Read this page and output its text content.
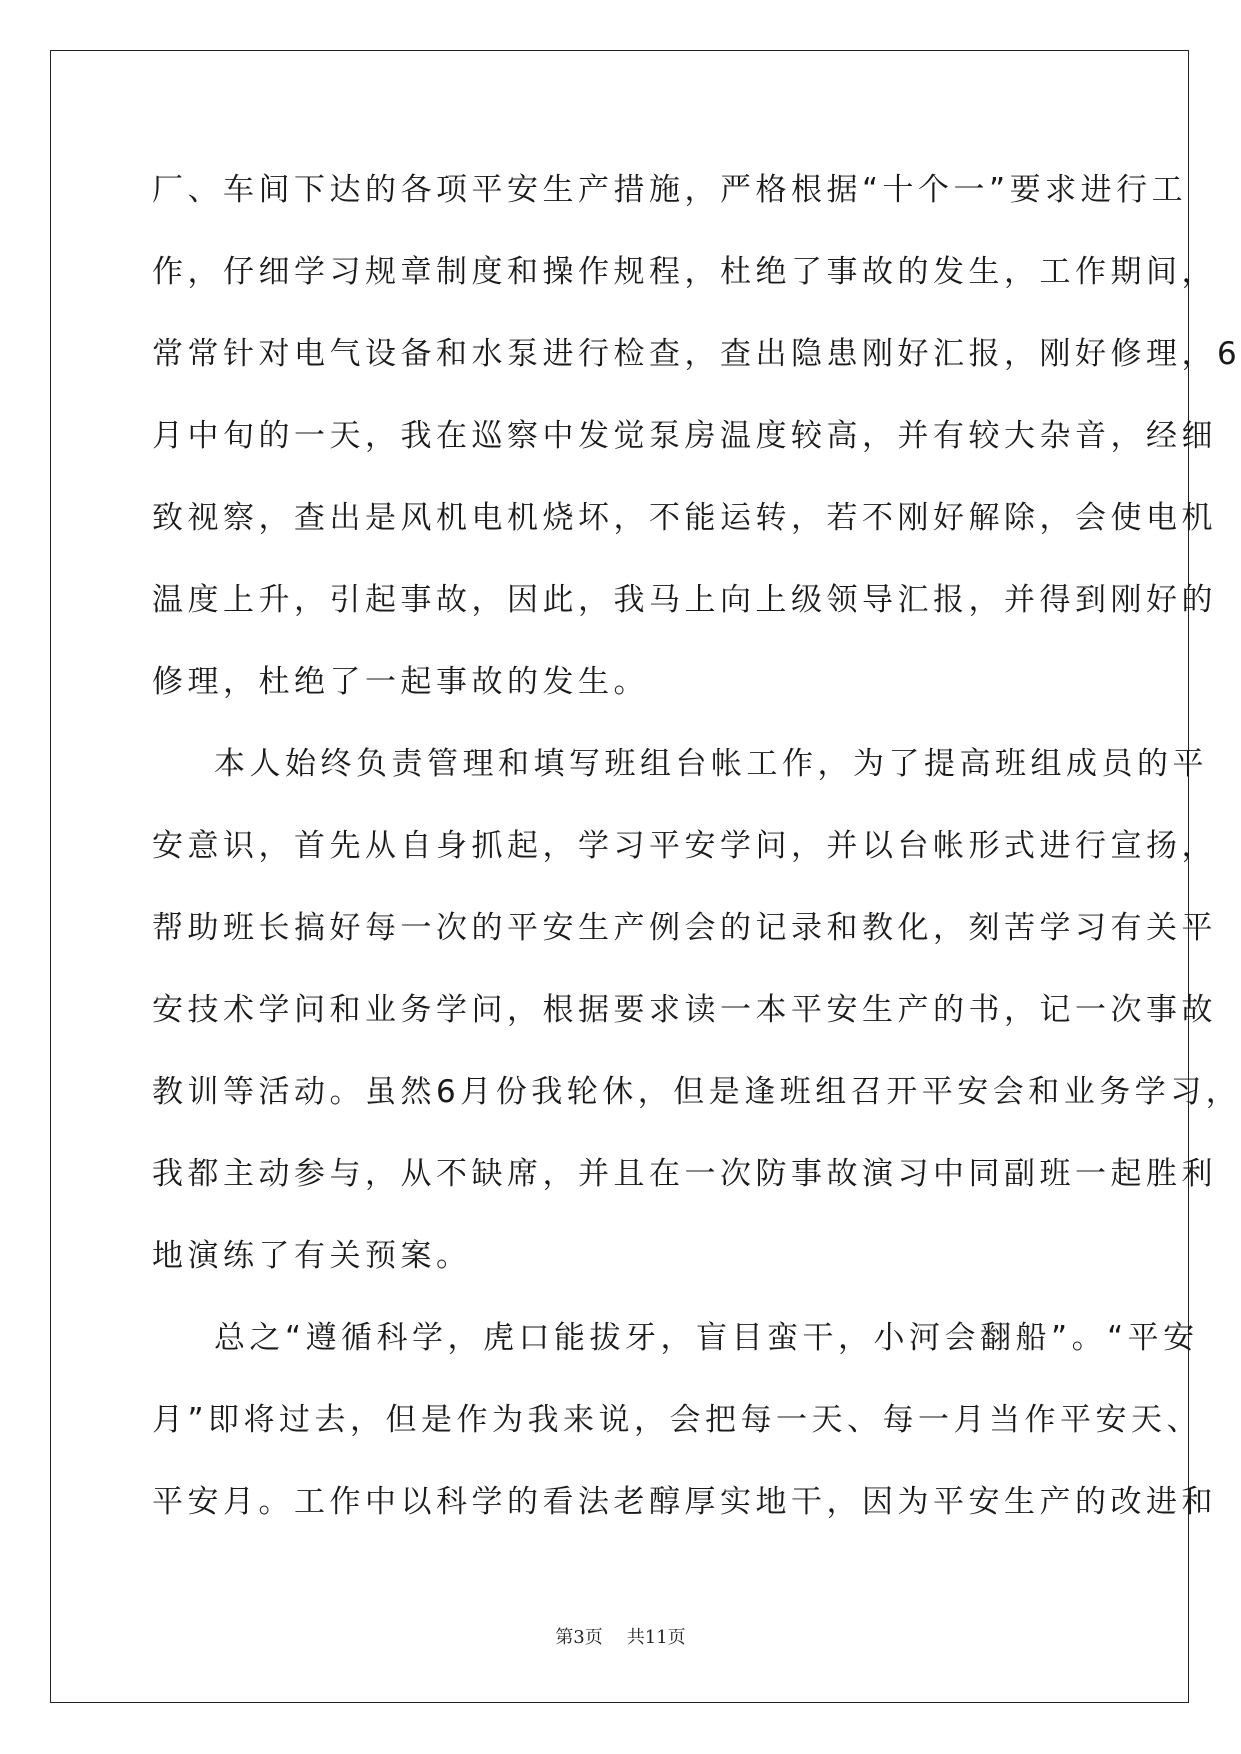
厂、车间下达的各项平安生产措施，严格根据“十个一”要求进行工
作，仔细学习规章制度和操作规程，杜绝了事故的发生，工作期间，
常常针对电气设备和水泵进行检查，查出隐患刚好汇报，刚好修理，6
月中旬的一天，我在巡察中发觉泵房温度较高，并有较大杂音，经细
致视察，查出是风机电机烧坏，不能运转，若不刚好解除，会使电机
温度上升，引起事故，因此，我马上向上级领导汇报，并得到刚好的
修理，杜绝了一起事故的发生。
本人始终负责管理和填写班组台帐工作，为了提高班组成员的平
安意识，首先从自身抓起，学习平安学问，并以台帐形式进行宣扬，
帮助班长搞好每一次的平安生产例会的记录和教化，刻苦学习有关平
安技术学问和业务学问，根据要求读一本平安生产的书，记一次事故
教训等活动。虽然6月份我轮休，但是逢班组召开平安会和业务学习，
我都主动参与，从不缺席，并且在一次防事故演习中同副班一起胜利
地演练了有关预案。
总之“遵循科学，虎口能拔牙，盲目蛮干，小河会翻船”。“平安
月”即将过去，但是作为我来说，会把每一天、每一月当作平安天、
平安月。工作中以科学的看法老醇厚实地干，因为平安生产的改进和
第3页 共11页
